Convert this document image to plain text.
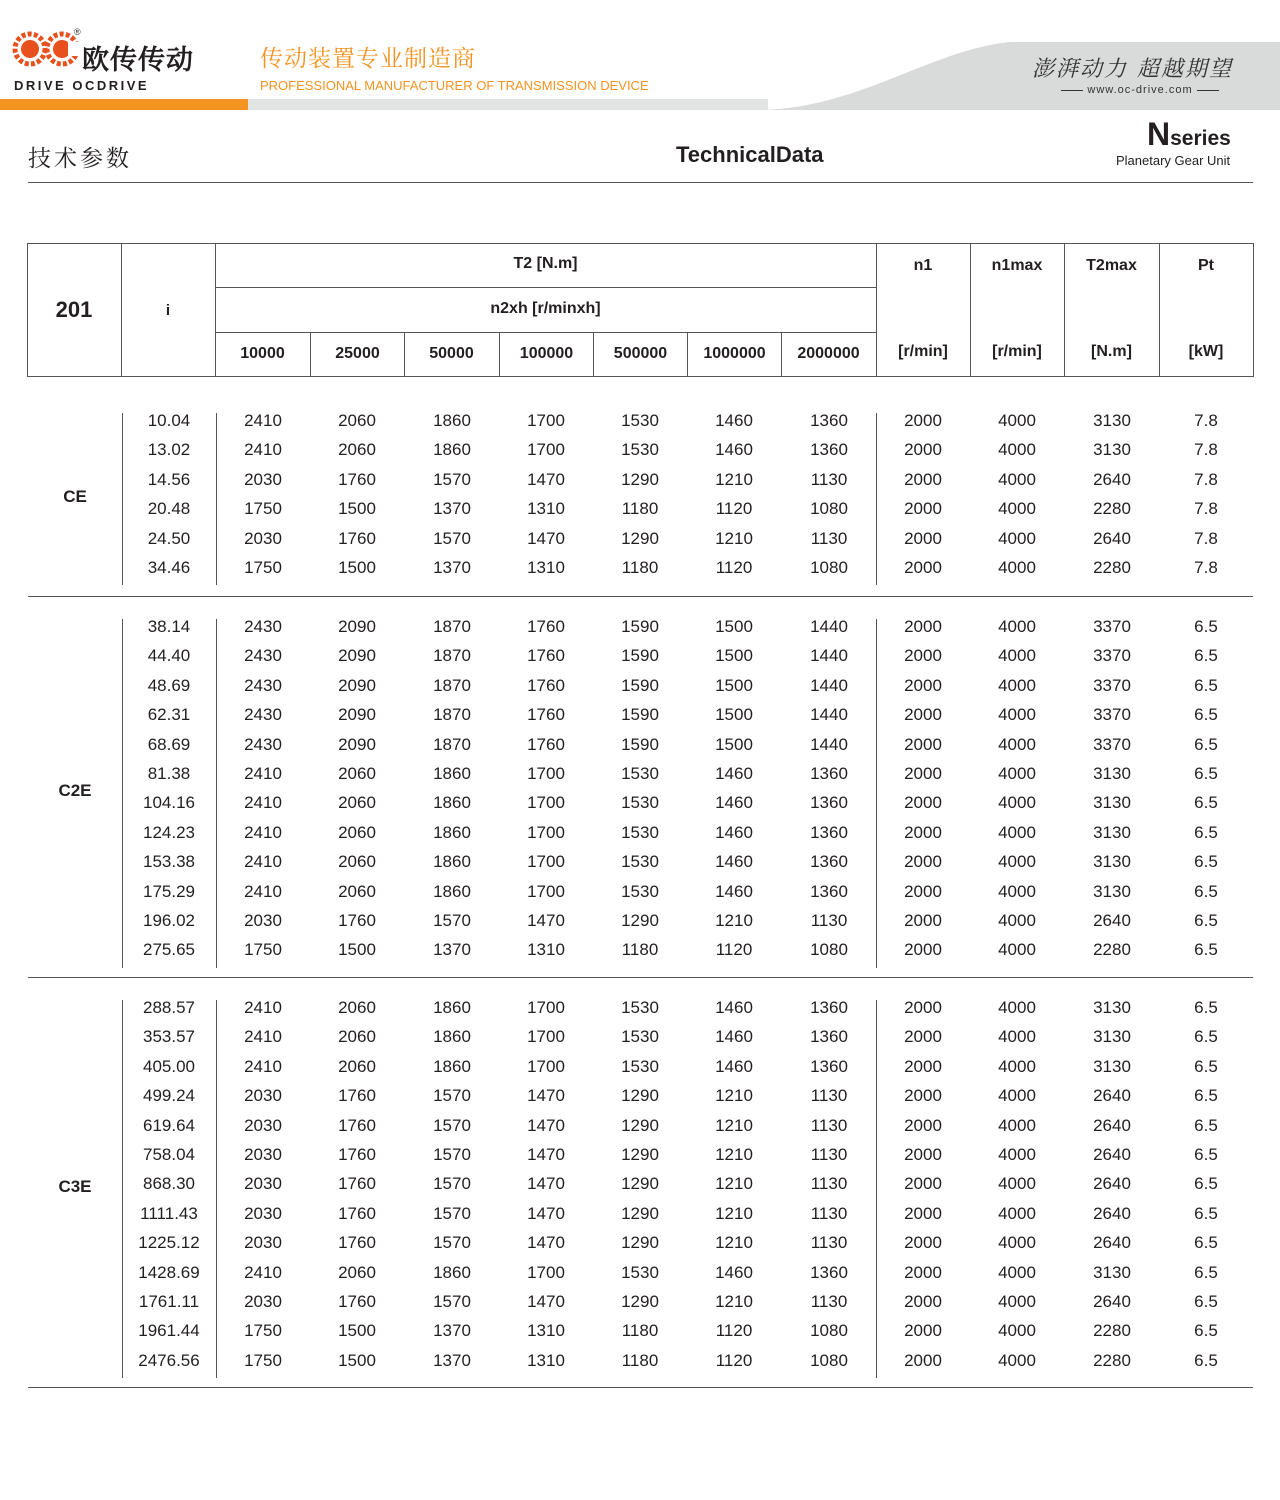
®
欧传传动
DRIVE OCDRIVE
传动装置专业制造商
PROFESSIONAL MANUFACTURER OF TRANSMISSION DEVICE
澎湃动力 超越期望
www.oc-drive.com
技术参数	TechnicalData
Nseries
Planetary Gear Unit
201	i
T2 [N.m]
n2xh [r/minxh]
10000	25000	50000	100000	500000	1000000	2000000
n1
[r/min]
n1max
[r/min]
T2max
[N.m]
Pt
[kW]
CE
10.04	2410	2060	1860	1700	1530	1460	1360	2000	4000	3130	7.8
13.02	2410	2060	1860	1700	1530	1460	1360	2000	4000	3130	7.8
14.56	2030	1760	1570	1470	1290	1210	1130	2000	4000	2640	7.8
20.48	1750	1500	1370	1310	1180	1120	1080	2000	4000	2280	7.8
24.50	2030	1760	1570	1470	1290	1210	1130	2000	4000	2640	7.8
34.46	1750	1500	1370	1310	1180	1120	1080	2000	4000	2280	7.8
C2E
38.14	2430	2090	1870	1760	1590	1500	1440	2000	4000	3370	6.5
44.40	2430	2090	1870	1760	1590	1500	1440	2000	4000	3370	6.5
48.69	2430	2090	1870	1760	1590	1500	1440	2000	4000	3370	6.5
62.31	2430	2090	1870	1760	1590	1500	1440	2000	4000	3370	6.5
68.69	2430	2090	1870	1760	1590	1500	1440	2000	4000	3370	6.5
81.38	2410	2060	1860	1700	1530	1460	1360	2000	4000	3130	6.5
104.16	2410	2060	1860	1700	1530	1460	1360	2000	4000	3130	6.5
124.23	2410	2060	1860	1700	1530	1460	1360	2000	4000	3130	6.5
153.38	2410	2060	1860	1700	1530	1460	1360	2000	4000	3130	6.5
175.29	2410	2060	1860	1700	1530	1460	1360	2000	4000	3130	6.5
196.02	2030	1760	1570	1470	1290	1210	1130	2000	4000	2640	6.5
275.65	1750	1500	1370	1310	1180	1120	1080	2000	4000	2280	6.5
C3E
288.57	2410	2060	1860	1700	1530	1460	1360	2000	4000	3130	6.5
353.57	2410	2060	1860	1700	1530	1460	1360	2000	4000	3130	6.5
405.00	2410	2060	1860	1700	1530	1460	1360	2000	4000	3130	6.5
499.24	2030	1760	1570	1470	1290	1210	1130	2000	4000	2640	6.5
619.64	2030	1760	1570	1470	1290	1210	1130	2000	4000	2640	6.5
758.04	2030	1760	1570	1470	1290	1210	1130	2000	4000	2640	6.5
868.30	2030	1760	1570	1470	1290	1210	1130	2000	4000	2640	6.5
1111.43	2030	1760	1570	1470	1290	1210	1130	2000	4000	2640	6.5
1225.12	2030	1760	1570	1470	1290	1210	1130	2000	4000	2640	6.5
1428.69	2410	2060	1860	1700	1530	1460	1360	2000	4000	3130	6.5
1761.11	2030	1760	1570	1470	1290	1210	1130	2000	4000	2640	6.5
1961.44	1750	1500	1370	1310	1180	1120	1080	2000	4000	2280	6.5
2476.56	1750	1500	1370	1310	1180	1120	1080	2000	4000	2280	6.5
